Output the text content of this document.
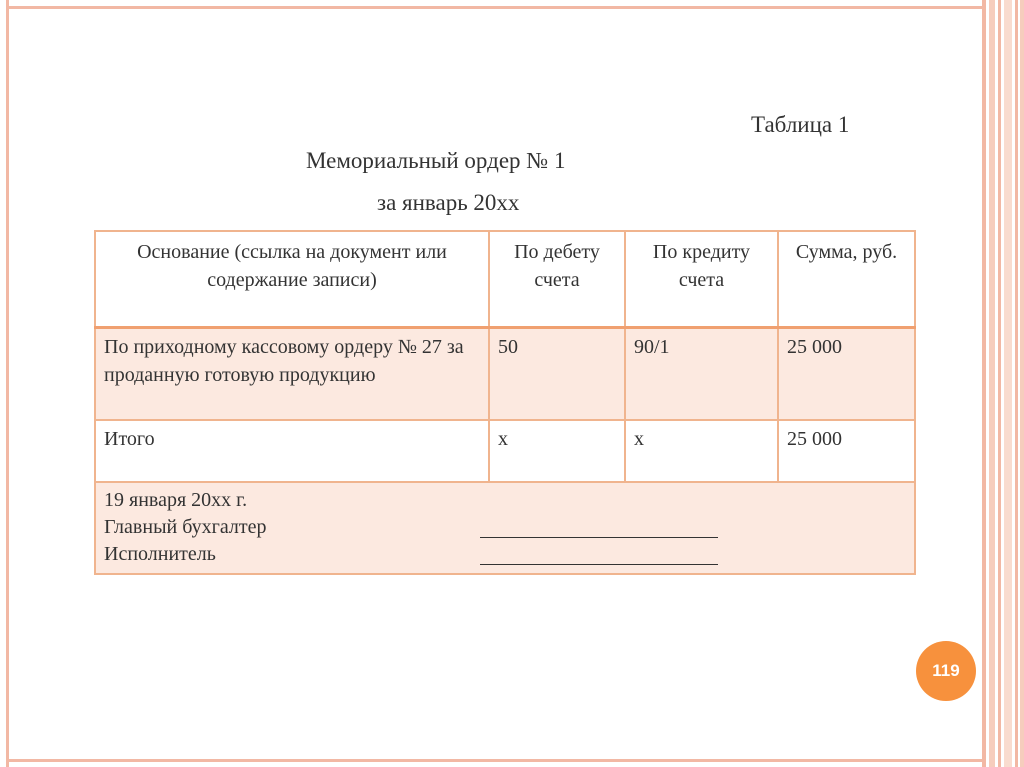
Таблица 1
Мемориальный ордер № 1
за январь 20хх
Основание (ссылка на документ или содержание записи)	По дебету счета	По кредиту счета	Сумма, руб.
По приходному кассовому ордеру № 27 за проданную готовую продукцию	50	90/1	25 000
Итого	х	х	25 000

19 января 20хх г.
Главный бухгалтер
Исполнитель			
119
